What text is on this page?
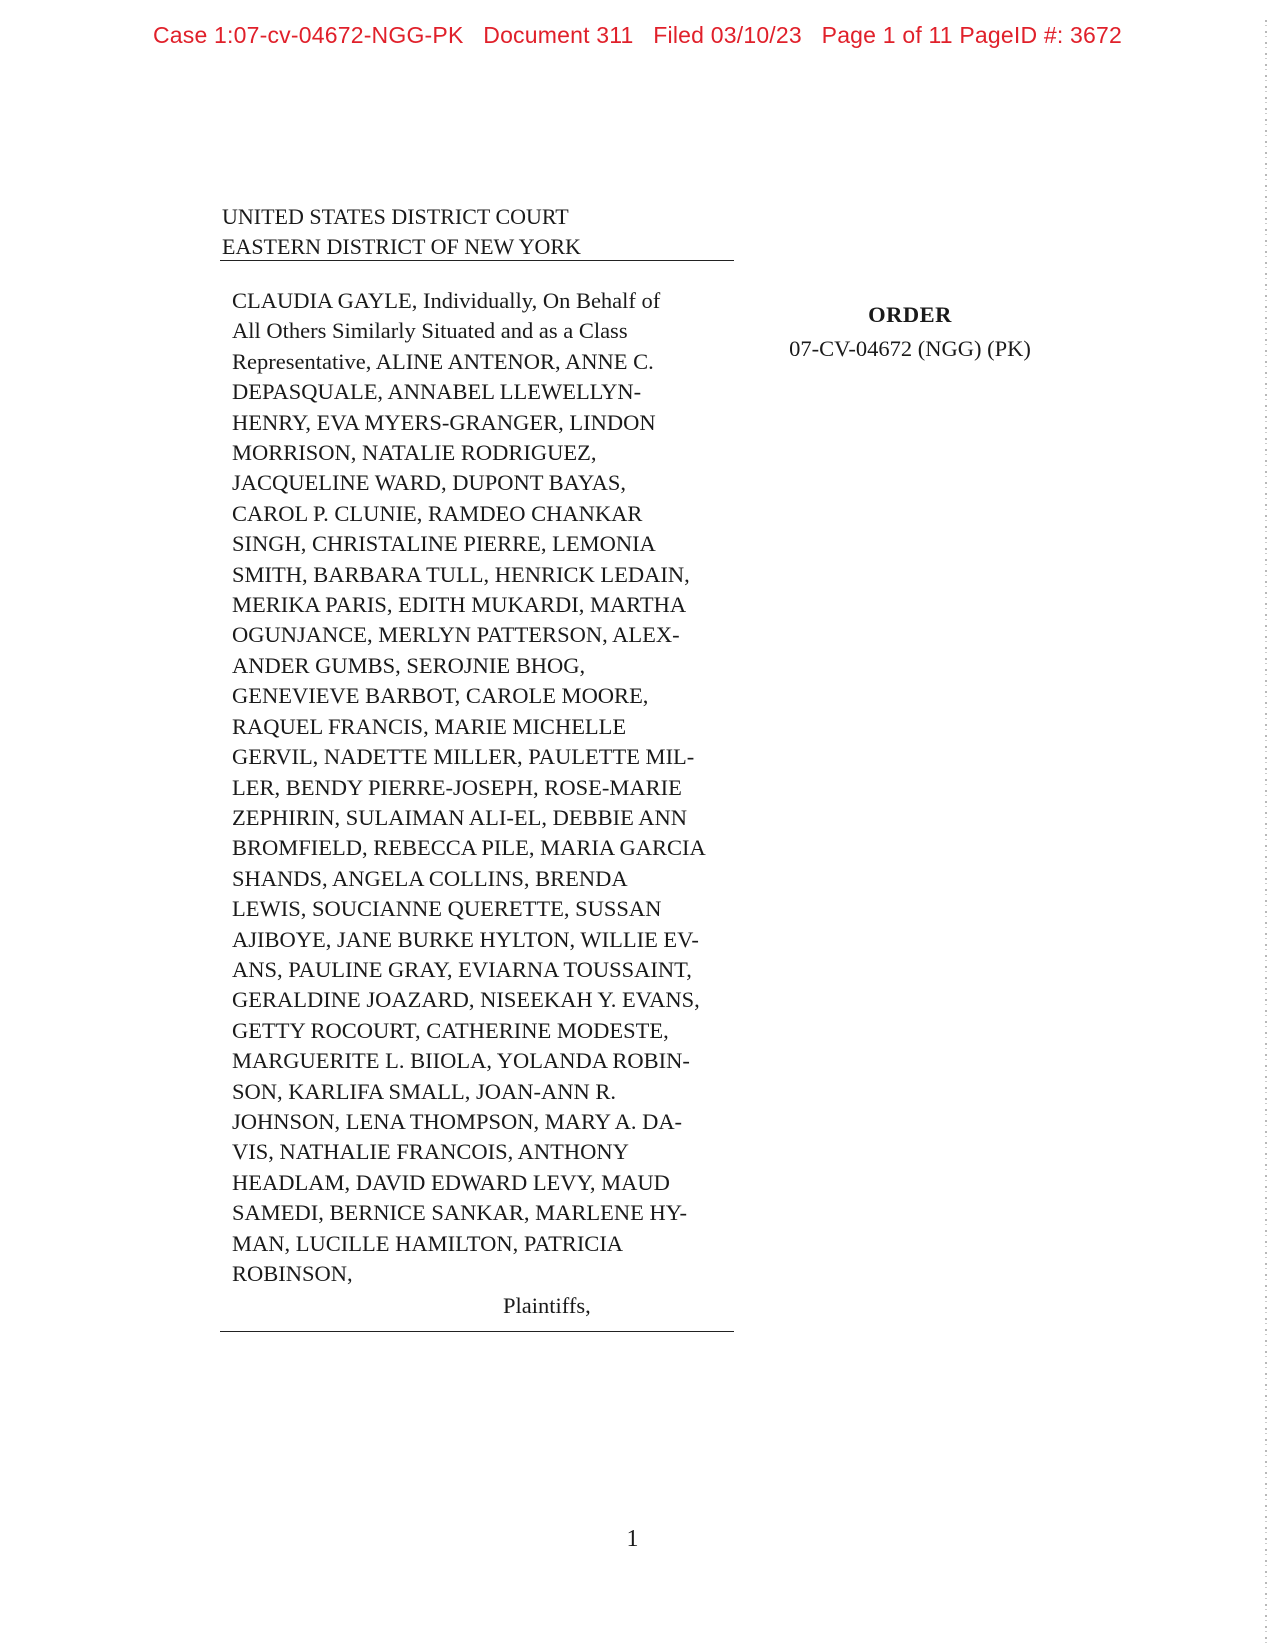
Case 1:07-cv-04672-NGG-PK   Document 311   Filed 03/10/23   Page 1 of 11 PageID #: 3672
UNITED STATES DISTRICT COURT
EASTERN DISTRICT OF NEW YORK
CLAUDIA GAYLE, Individually, On Behalf of
All Others Similarly Situated and as a Class
Representative, ALINE ANTENOR, ANNE C.
DEPASQUALE, ANNABEL LLEWELLYN-
HENRY, EVA MYERS-GRANGER, LINDON
MORRISON, NATALIE RODRIGUEZ,
JACQUELINE WARD, DUPONT BAYAS,
CAROL P. CLUNIE, RAMDEO CHANKAR
SINGH, CHRISTALINE PIERRE, LEMONIA
SMITH, BARBARA TULL, HENRICK LEDAIN,
MERIKA PARIS, EDITH MUKARDI, MARTHA
OGUNJANCE, MERLYN PATTERSON, ALEX-
ANDER GUMBS, SEROJNIE BHOG,
GENEVIEVE BARBOT, CAROLE MOORE,
RAQUEL FRANCIS, MARIE MICHELLE
GERVIL, NADETTE MILLER, PAULETTE MIL-
LER, BENDY PIERRE-JOSEPH, ROSE-MARIE
ZEPHIRIN, SULAIMAN ALI-EL, DEBBIE ANN
BROMFIELD, REBECCA PILE, MARIA GARCIA
SHANDS, ANGELA COLLINS, BRENDA
LEWIS, SOUCIANNE QUERETTE, SUSSAN
AJIBOYE, JANE BURKE HYLTON, WILLIE EV-
ANS, PAULINE GRAY, EVIARNA TOUSSAINT,
GERALDINE JOAZARD, NISEEKAH Y. EVANS,
GETTY ROCOURT, CATHERINE MODESTE,
MARGUERITE L. BIIOLA, YOLANDA ROBIN-
SON, KARLIFA SMALL, JOAN-ANN R.
JOHNSON, LENA THOMPSON, MARY A. DA-
VIS, NATHALIE FRANCOIS, ANTHONY
HEADLAM, DAVID EDWARD LEVY, MAUD
SAMEDI, BERNICE SANKAR, MARLENE HY-
MAN, LUCILLE HAMILTON, PATRICIA
ROBINSON,
Plaintiffs,
ORDER
07-CV-04672 (NGG) (PK)
1
